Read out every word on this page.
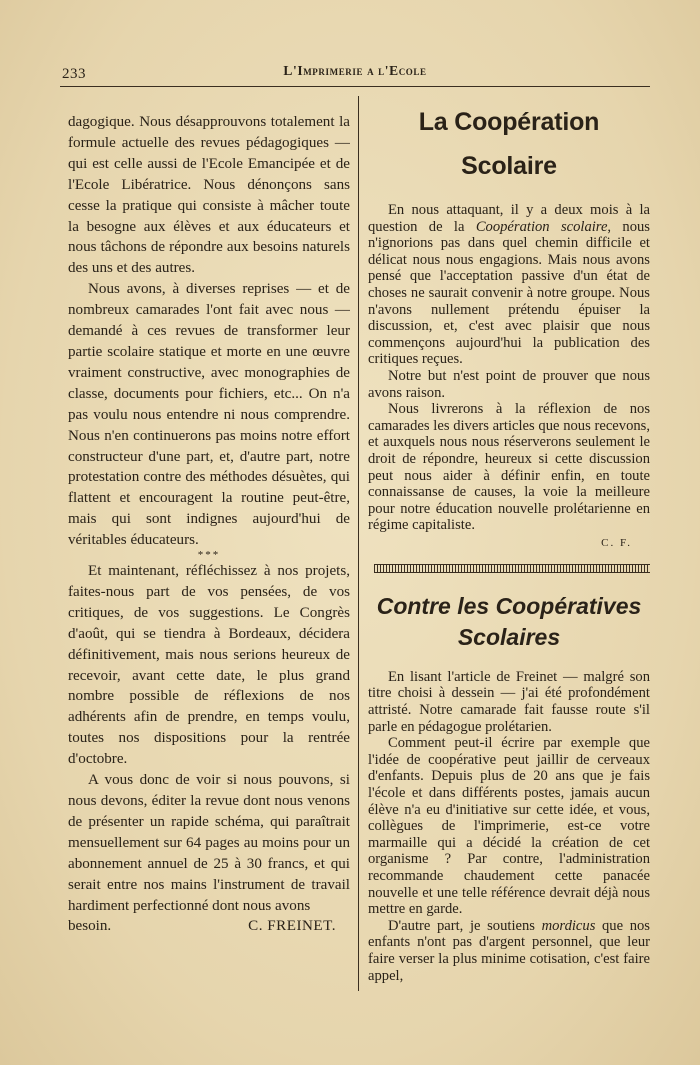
233	L'Imprimerie a l'Ecole

dagogique. Nous désapprouvons totalement la formule actuelle des revues pédagogiques — qui est celle aussi de l'Ecole Emancipée et de l'Ecole Libératrice. Nous dénonçons sans cesse la pratique qui consiste à mâcher toute la besogne aux élèves et aux éducateurs et nous tâchons de répondre aux besoins naturels des uns et des autres.

Nous avons, à diverses reprises — et de nombreux camarades l'ont fait avec nous — demandé à ces revues de transformer leur partie scolaire statique et morte en une œuvre vraiment constructive, avec monographies de classe, documents pour fichiers, etc... On n'a pas voulu nous entendre ni nous comprendre. Nous n'en continuerons pas moins notre effort constructeur d'une part, et, d'autre part, notre protestation contre des méthodes désuètes, qui flattent et encouragent la routine peut-être, mais qui sont indignes aujourd'hui de véritables éducateurs.

***

Et maintenant, réfléchissez à nos projets, faites-nous part de vos pensées, de vos critiques, de vos suggestions. Le Congrès d'août, qui se tiendra à Bordeaux, décidera définitivement, mais nous serions heureux de recevoir, avant cette date, le plus grand nombre possible de réflexions de nos adhérents afin de prendre, en temps voulu, toutes nos dispositions pour la rentrée d'octobre.

A vous donc de voir si nous pouvons, si nous devons, éditer la revue dont nous venons de présenter un rapide schéma, qui paraîtrait mensuellement sur 64 pages au moins pour un abonnement annuel de 25 à 30 francs, et qui serait entre nos mains l'instrument de travail hardiment perfectionné dont nous avons

besoin.	C. FREINET.
La Coopération Scolaire

En nous attaquant, il y a deux mois à la question de la Coopération scolaire, nous n'ignorions pas dans quel chemin difficile et délicat nous nous engagions. Mais nous avons pensé que l'acceptation passive d'un état de choses ne saurait convenir à notre groupe. Nous n'avons nullement prétendu épuiser la discussion, et, c'est avec plaisir que nous commençons aujourd'hui la publication des critiques reçues.

Notre but n'est point de prouver que nous avons raison.

Nous livrerons à la réflexion de nos camarades les divers articles que nous recevons, et auxquels nous nous réserverons seulement le droit de répondre, heureux si cette discussion peut nous aider à définir enfin, en toute connaissanse de causes, la voie la meilleure pour notre éducation nouvelle prolétarienne en régime capitaliste.

C. F.
Contre les Coopératives
Scolaires

En lisant l'article de Freinet — malgré son titre choisi à dessein — j'ai été profondément attristé. Notre camarade fait fausse route s'il parle en pédagogue prolétarien.

Comment peut-il écrire par exemple que l'idée de coopérative peut jaillir de cerveaux d'enfants. Depuis plus de 20 ans que je fais l'école et dans différents postes, jamais aucun élève n'a eu d'initiative sur cette idée, et vous, collègues de l'imprimerie, est-ce votre marmaille qui a décidé la création de cet organisme ? Par contre, l'administration recommande chaudement cette panacée nouvelle et une telle référence devrait déjà nous mettre en garde.

D'autre part, je soutiens mordicus que nos enfants n'ont pas d'argent personnel, que leur faire verser la plus minime cotisation, c'est faire appel,
